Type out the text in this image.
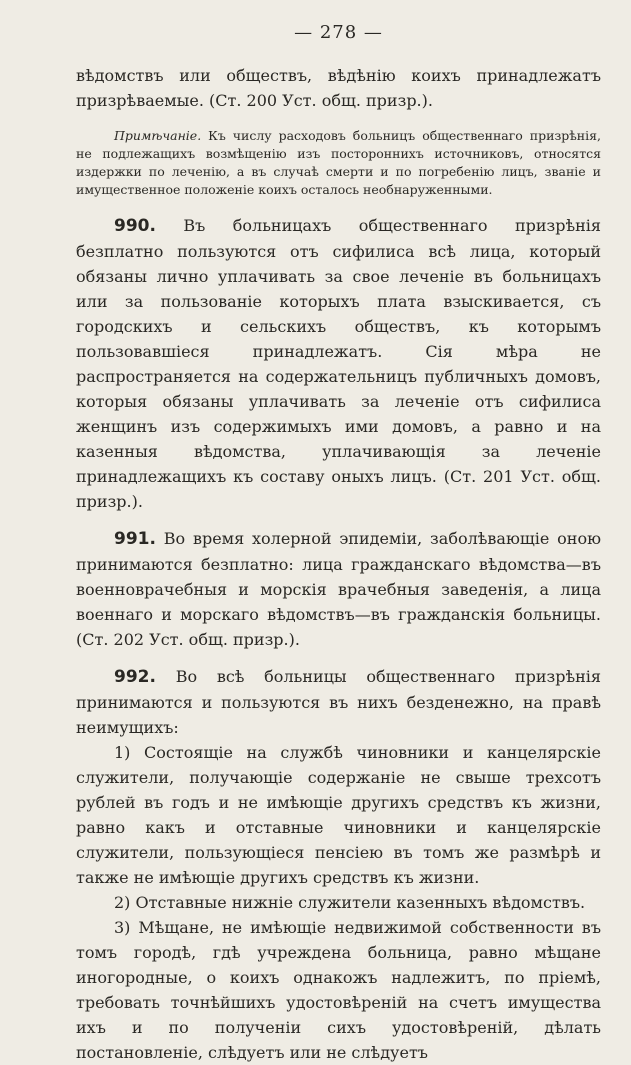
— 278 —

вѣдомствъ или обществъ, вѣдѣнію коихъ принадлежатъ призрѣваемые. (Ст. 200 Уст. общ. призр.).

Примѣчаніе. Къ числу расходовъ больницъ общественнаго призрѣнія, не подлежащихъ возмѣщенію изъ постороннихъ источниковъ, относятся издержки по леченію, а въ случаѣ смерти и по погребенію лицъ, званіе и имущественное положеніе коихъ осталось необнаруженными.

990. Въ больницахъ общественнаго призрѣнія безплатно пользуются отъ сифилиса всѣ лица, который обязаны лично уплачивать за свое леченіе въ больницахъ или за пользованіе которыхъ плата взыскивается, съ городскихъ и сельскихъ обществъ, къ которымъ пользовавшіеся принадлежатъ. Сія мѣра не распространяется на содержательницъ публичныхъ домовъ, которыя обязаны уплачивать за леченіе отъ сифилиса женщинъ изъ содержимыхъ ими домовъ, а равно и на казенныя вѣдомства, уплачивающія за леченіе принадлежащихъ къ составу оныхъ лицъ. (Ст. 201 Уст. общ. призр.).

991. Во время холерной эпидеміи, заболѣвающіе оною принимаются безплатно: лица гражданскаго вѣдомства—въ военноврачебныя и морскія врачебныя заведенія, а лица военнаго и морскаго вѣдомствъ—въ гражданскія больницы. (Ст. 202 Уст. общ. призр.).

992. Во всѣ больницы общественнаго призрѣнія принимаются и пользуются въ нихъ безденежно, на правѣ неимущихъ:

1) Состоящіе на службѣ чиновники и канцелярскіе служители, получающіе содержаніе не свыше трехсотъ рублей въ годъ и не имѣющіе другихъ средствъ къ жизни, равно какъ и отставные чиновники и канцелярскіе служители, пользующіеся пенсіею въ томъ же размѣрѣ и также не имѣющіе другихъ средствъ къ жизни.

2) Отставные нижніе служители казенныхъ вѣдомствъ.

3) Мѣщане, не имѣющіе недвижимой собственности въ томъ городѣ, гдѣ учреждена больница, равно мѣщане иногородные, о коихъ однакожъ надлежитъ, по пріемѣ, требовать точнѣйшихъ удостовѣреній на счетъ имущества ихъ и по полученіи сихъ удостовѣреній, дѣлать постановленіе, слѣдуетъ или не слѣдуетъ
